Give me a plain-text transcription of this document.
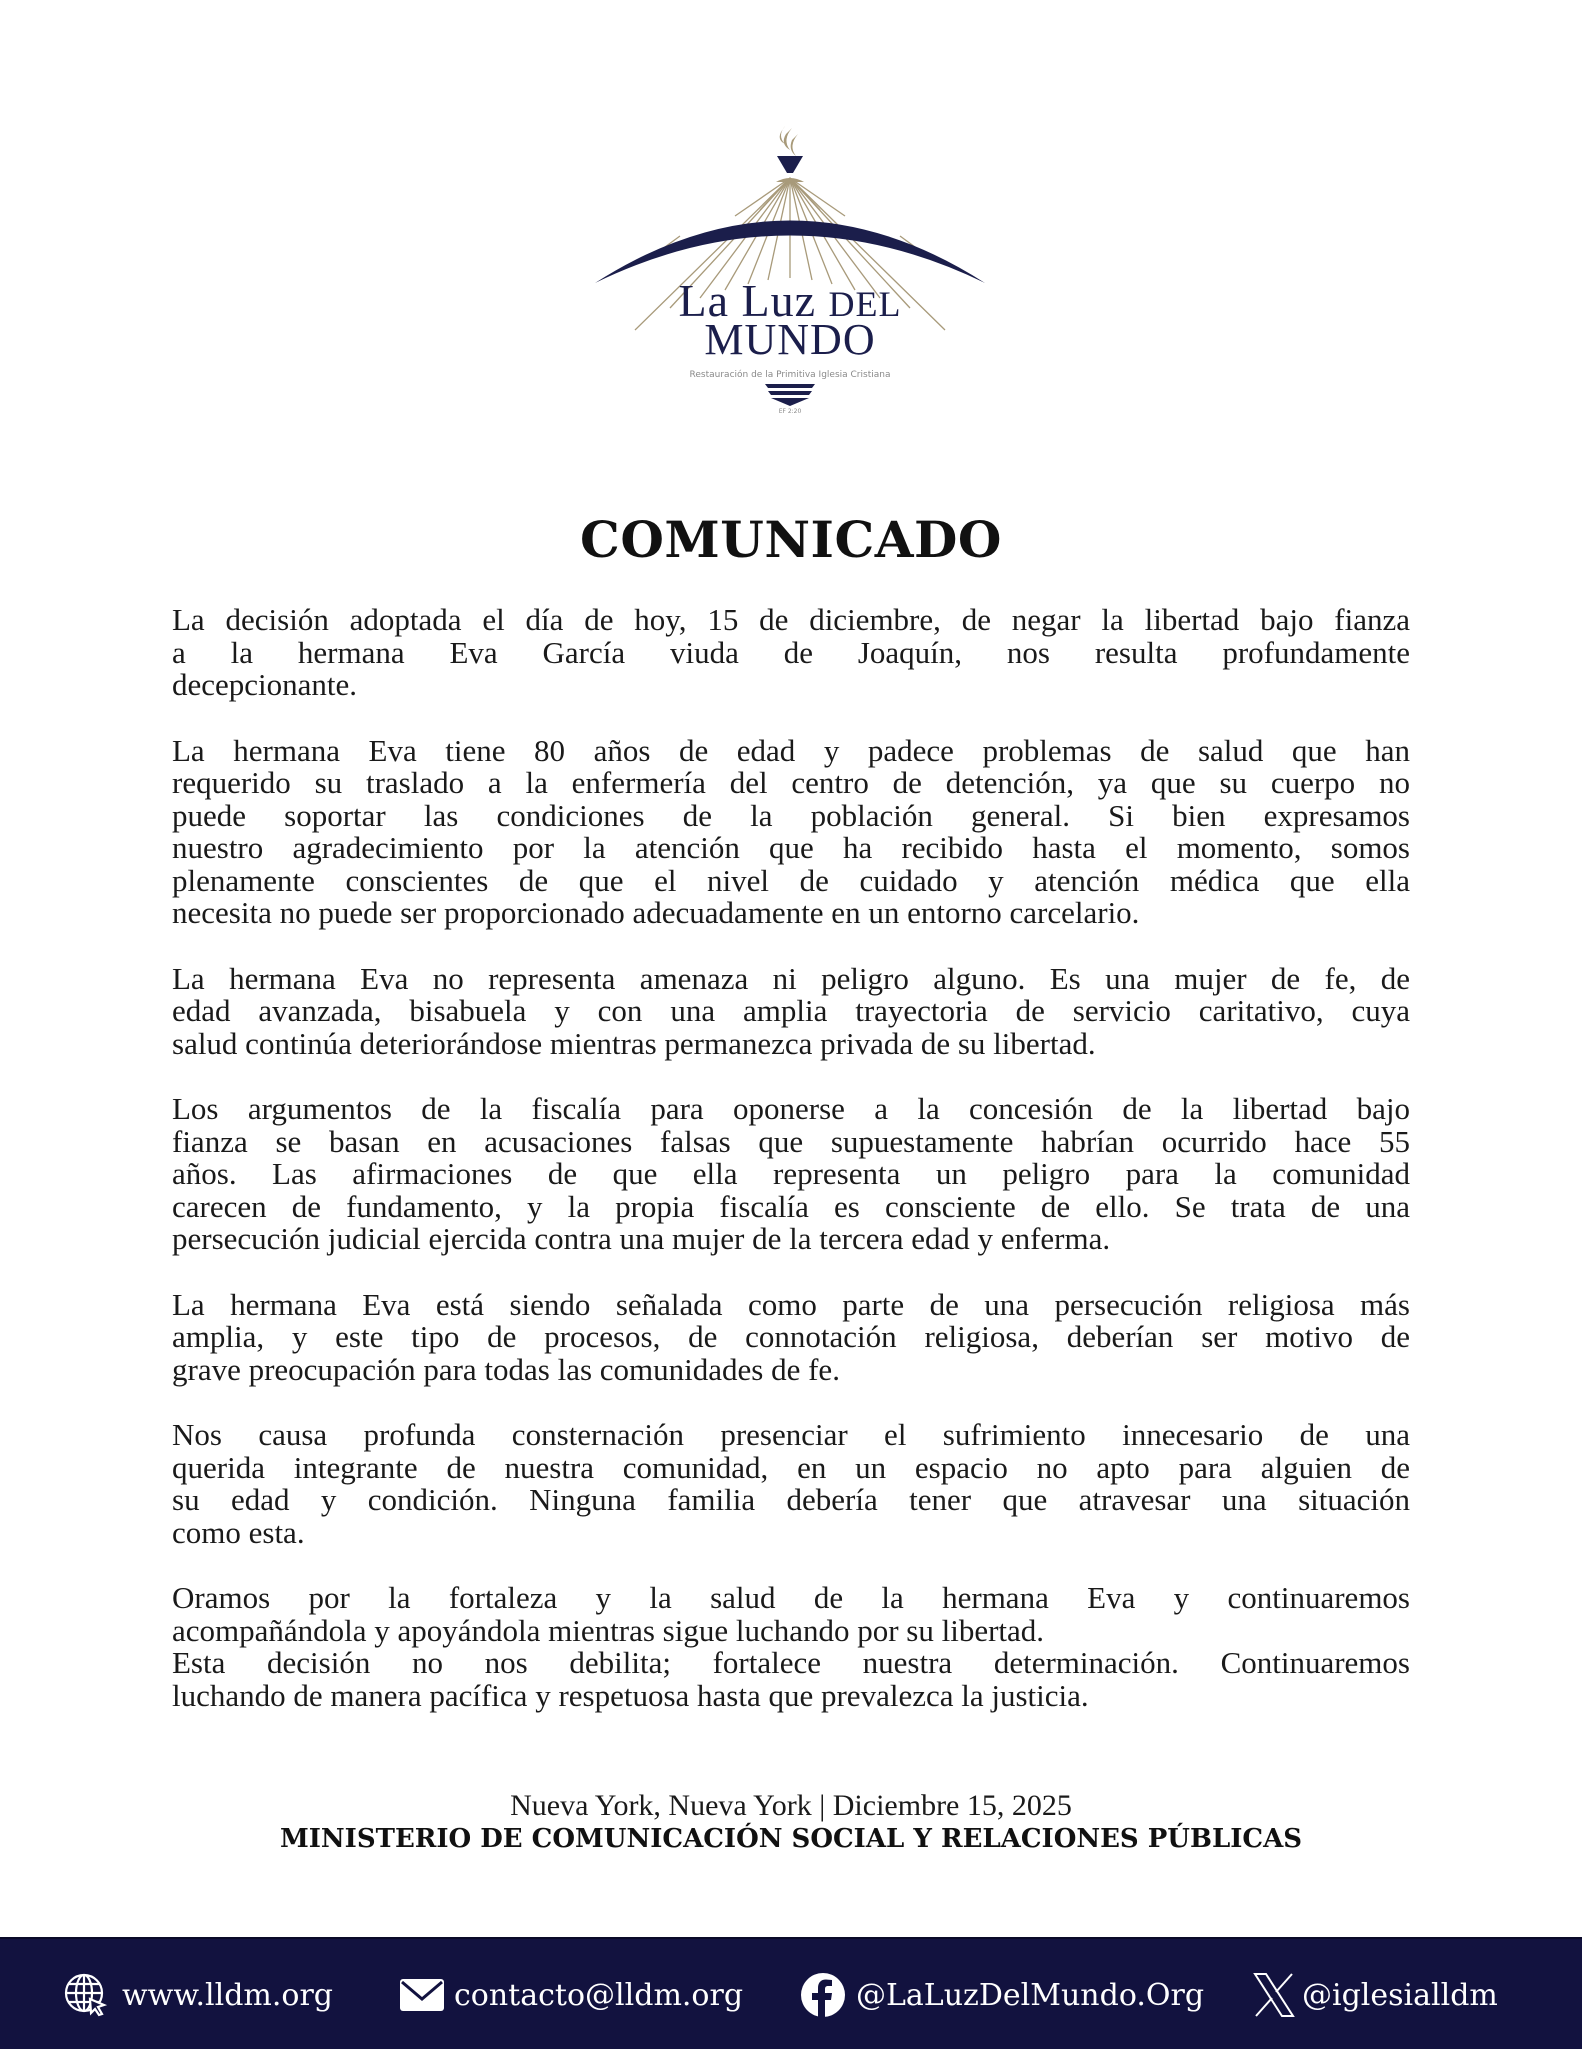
La Luz DEL
MUNDO
Restauración de la Primitiva Iglesia Cristiana
EF 2:20
COMUNICADO

La decisión adoptada el día de hoy, 15 de diciembre, de negar la libertad bajo fianza
a la hermana Eva García viuda de Joaquín, nos resulta profundamente
decepcionante.

La hermana Eva tiene 80 años de edad y padece problemas de salud que han
requerido su traslado a la enfermería del centro de detención, ya que su cuerpo no
puede soportar las condiciones de la población general. Si bien expresamos
nuestro agradecimiento por la atención que ha recibido hasta el momento, somos
plenamente conscientes de que el nivel de cuidado y atención médica que ella
necesita no puede ser proporcionado adecuadamente en un entorno carcelario.

La hermana Eva no representa amenaza ni peligro alguno. Es una mujer de fe, de
edad avanzada, bisabuela y con una amplia trayectoria de servicio caritativo, cuya
salud continúa deteriorándose mientras permanezca privada de su libertad.

Los argumentos de la fiscalía para oponerse a la concesión de la libertad bajo
fianza se basan en acusaciones falsas que supuestamente habrían ocurrido hace 55
años. Las afirmaciones de que ella representa un peligro para la comunidad
carecen de fundamento, y la propia fiscalía es consciente de ello. Se trata de una
persecución judicial ejercida contra una mujer de la tercera edad y enferma.

La hermana Eva está siendo señalada como parte de una persecución religiosa más
amplia, y este tipo de procesos, de connotación religiosa, deberían ser motivo de
grave preocupación para todas las comunidades de fe.

Nos causa profunda consternación presenciar el sufrimiento innecesario de una
querida integrante de nuestra comunidad, en un espacio no apto para alguien de
su edad y condición. Ninguna familia debería tener que atravesar una situación
como esta.

Oramos por la fortaleza y la salud de la hermana Eva y continuaremos
acompañándola y apoyándola mientras sigue luchando por su libertad.
Esta decisión no nos debilita; fortalece nuestra determinación. Continuaremos
luchando de manera pacífica y respetuosa hasta que prevalezca la justicia.

Nueva York, Nueva York | Diciembre 15, 2025
MINISTERIO DE COMUNICACIÓN SOCIAL Y RELACIONES PÚBLICAS
www.lldm.org	contacto@lldm.org	@LaLuzDelMundo.Org	@iglesialldm
